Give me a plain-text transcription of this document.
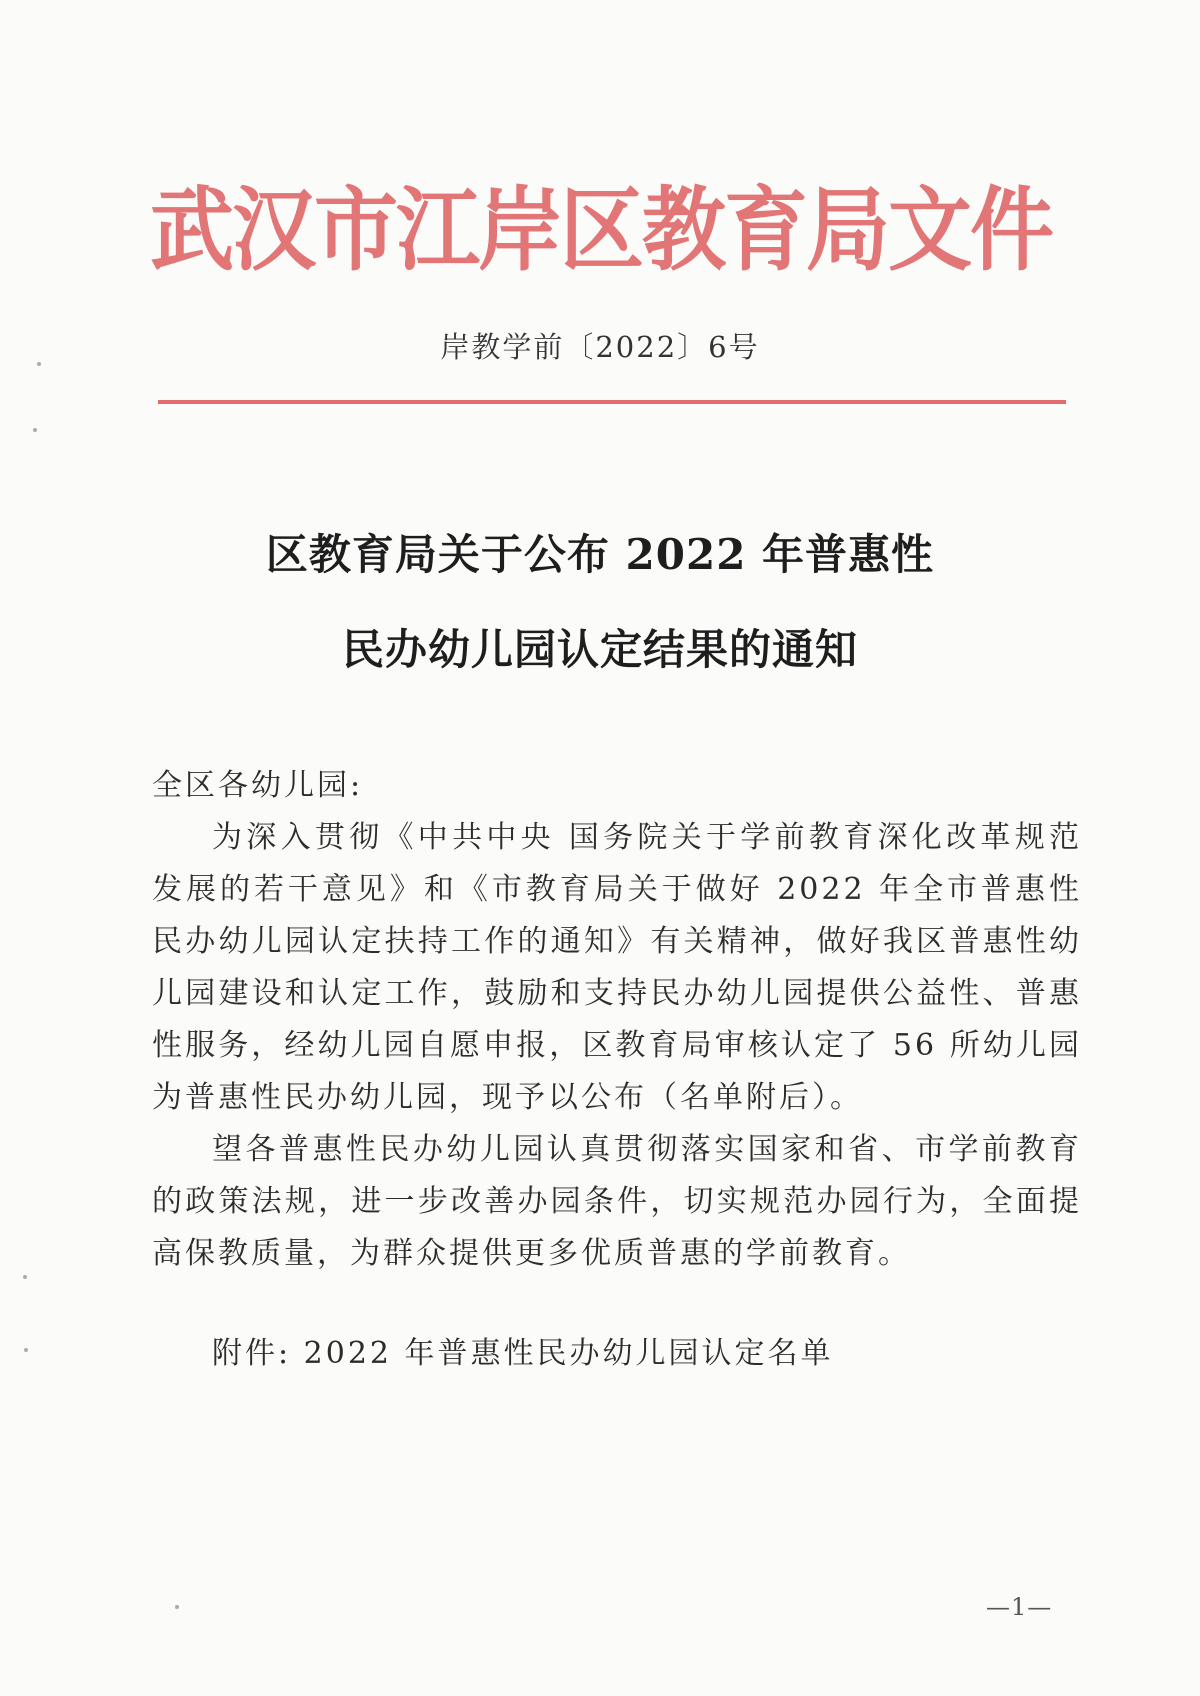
武汉市江岸区教育局文件
岸教学前〔2022〕6号
区教育局关于公布 2022 年普惠性
民办幼儿园认定结果的通知
全区各幼儿园:
为深入贯彻《中共中央 国务院关于学前教育深化改革规范发展的若干意见》和《市教育局关于做好 2022 年全市普惠性民办幼儿园认定扶持工作的通知》有关精神，做好我区普惠性幼儿园建设和认定工作，鼓励和支持民办幼儿园提供公益性、普惠性服务，经幼儿园自愿申报，区教育局审核认定了 56 所幼儿园为普惠性民办幼儿园，现予以公布（名单附后）。
望各普惠性民办幼儿园认真贯彻落实国家和省、市学前教育的政策法规，进一步改善办园条件，切实规范办园行为，全面提高保教质量，为群众提供更多优质普惠的学前教育。
附件: 2022 年普惠性民办幼儿园认定名单
—1—
